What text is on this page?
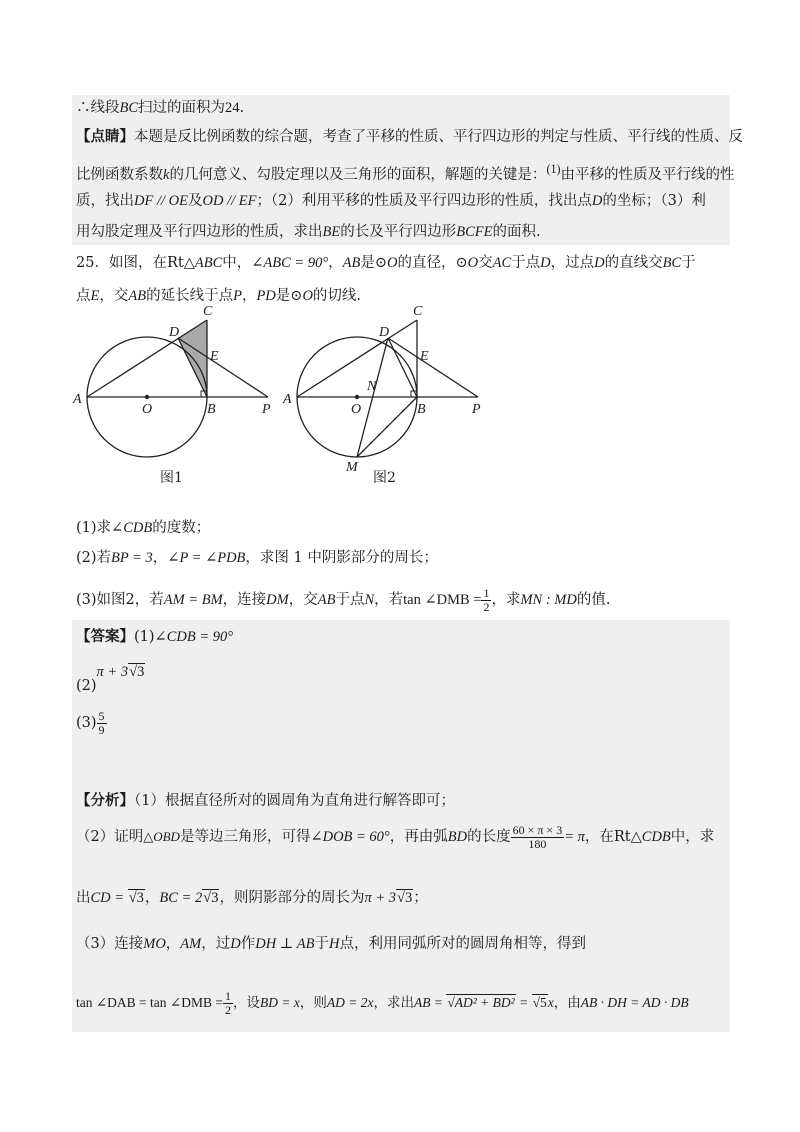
∴线段BC扫过的面积为24.
【点睛】本题是反比例函数的综合题，考查了平移的性质、平行四边形的判定与性质、平行线的性质、反
比例函数系数k的几何意义、勾股定理以及三角形的面积，解题的关键是：$^{(1)}$由平移的性质及平行线的性
质，找出DF // OE及OD // EF；（2）利用平移的性质及平行四边形的性质，找出点D的坐标；（3）利
用勾股定理及平行四边形的性质，求出BE的长及平行四边形BCFE的面积.
25．如图，在Rt△ABC中，∠ABC = 90°，AB是⊙O的直径，⊙O交AC于点D，过点D的直线交BC于
点E，交AB的延长线于点P，PD是⊙O的切线.
A
O	B	P
C
D
E
图1
A
O	B	P
C
D
E
N
M
图2
(1)求∠CDB的度数；
(2)若BP = 3，∠P = ∠PDB，求图 1 中阴影部分的周长；
(3)如图2，若AM = BM，连接DM，交AB于点N，若tan ∠DMB = $\frac{1}{2}$ ，求MN : MD的值.
【答案】(1)∠CDB = 90°
(2)π + 3√3
$(3) \frac{5}{9}$
【分析】（1）根据直径所对的圆周角为直角进行解答即可；
（2）证明△OBD是等边三角形，可得∠DOB = 60°，再由弧BD的长度 $\frac{60 \times \pi \times 3}{180} = \pi$，在Rt△CDB中，求
出CD = √3，BC = 2√3，则阴影部分的周长为π + 3√3；
（3）连接MO，AM，过D作DH ⊥ AB于H点，利用同弧所对的圆周角相等，得到
tan ∠DAB = tan ∠DMB = $\frac{1}{2}$ ，设BD = x，则AD = 2x，求出AB = √AD² + BD² = √5x，由AB · DH = AD · DB
